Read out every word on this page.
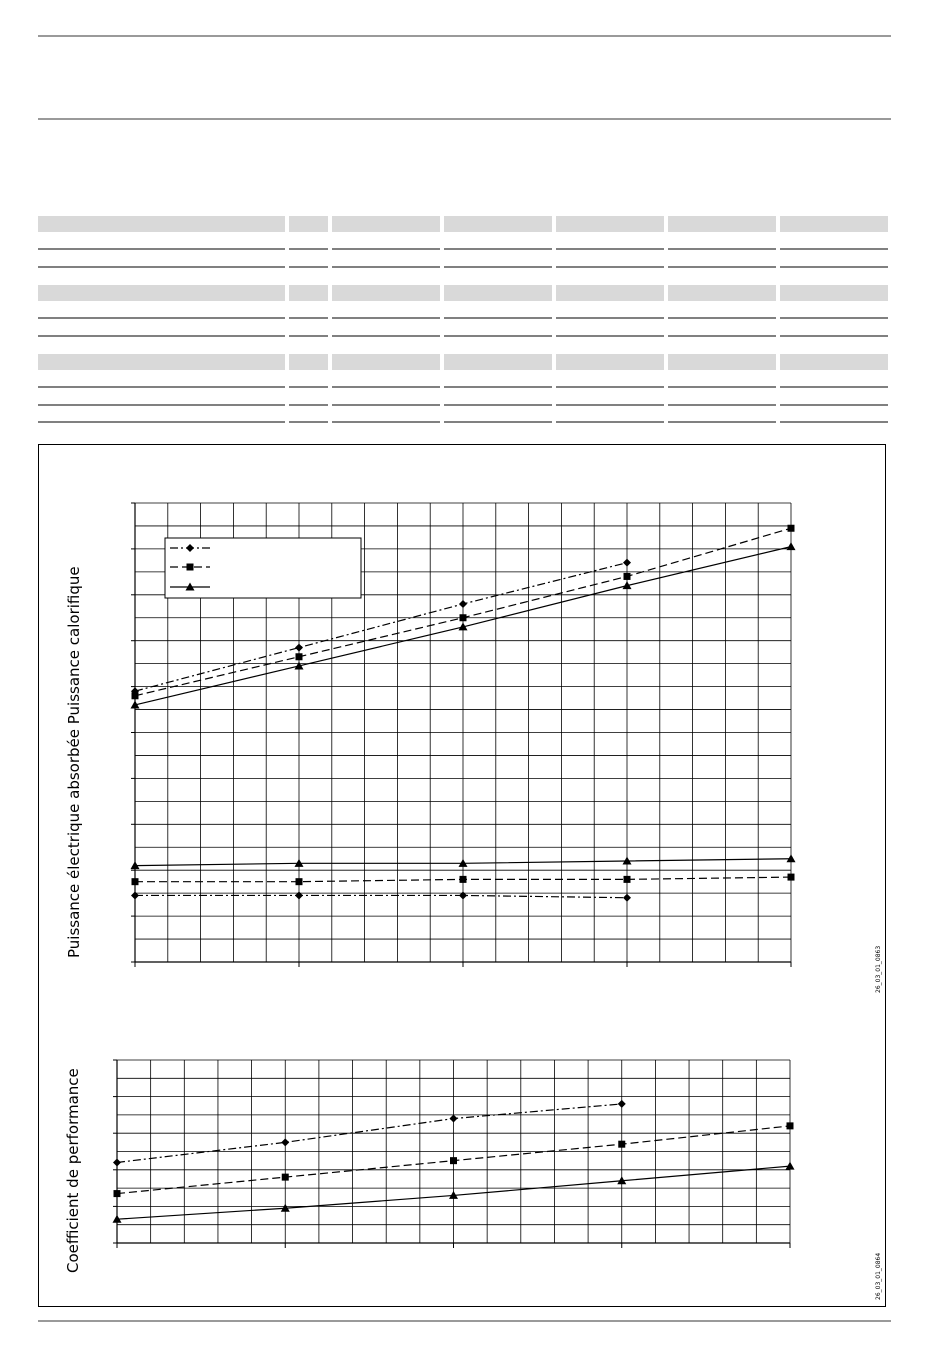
Puissance électrique absorbée Puissance calorifique
Coefficient de performance
26_03_01_0863
26_03_01_0864
